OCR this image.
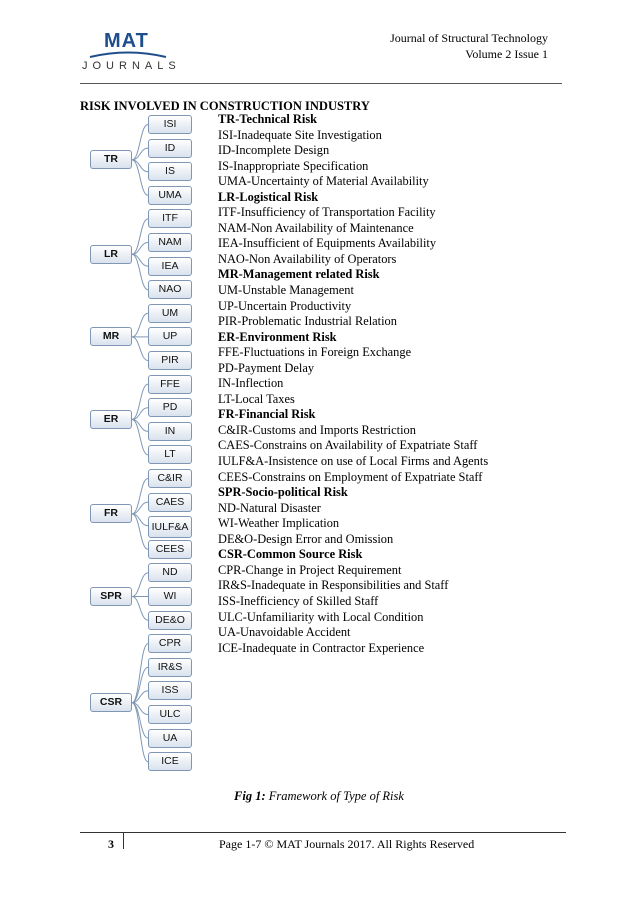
MAT
JOURNALS
Journal of Structural Technology
Volume 2 Issue 1
RISK INVOLVED IN CONSTRUCTION INDUSTRY
ISI
ID
IS
UMA
TR
ITF
NAM
IEA
NAO
LR
UM
UP
PIR
MR
FFE
PD
IN
LT
ER
C&IR
CAES
IULF&A
CEES
FR
ND
WI
DE&O
SPR
CPR
IR&S
ISS
ULC
UA
ICE
CSR
TR-Technical Risk
ISI-Inadequate Site Investigation
ID-Incomplete Design
IS-Inappropriate Specification
UMA-Uncertainty of Material Availability
LR-Logistical Risk
ITF-Insufficiency of Transportation Facility
NAM-Non Availability of Maintenance
IEA-Insufficient of Equipments Availability
NAO-Non Availability of Operators
MR-Management related Risk
UM-Unstable Management
UP-Uncertain Productivity
PIR-Problematic Industrial Relation
ER-Environment Risk
FFE-Fluctuations in Foreign Exchange
PD-Payment Delay
IN-Inflection
LT-Local Taxes
FR-Financial Risk
C&IR-Customs and Imports Restriction
CAES-Constrains on Availability of Expatriate Staff
IULF&A-Insistence on use of Local Firms and Agents
CEES-Constrains on Employment of Expatriate Staff
SPR-Socio-political Risk
ND-Natural Disaster
WI-Weather Implication
DE&O-Design Error and Omission
CSR-Common Source Risk
CPR-Change in Project Requirement
IR&S-Inadequate in Responsibilities and Staff
ISS-Inefficiency of Skilled Staff
ULC-Unfamiliarity with Local Condition
UA-Unavoidable Accident
ICE-Inadequate in Contractor Experience
Fig 1: Framework of Type of Risk
3	Page 1-7 © MAT Journals 2017. All Rights Reserved
